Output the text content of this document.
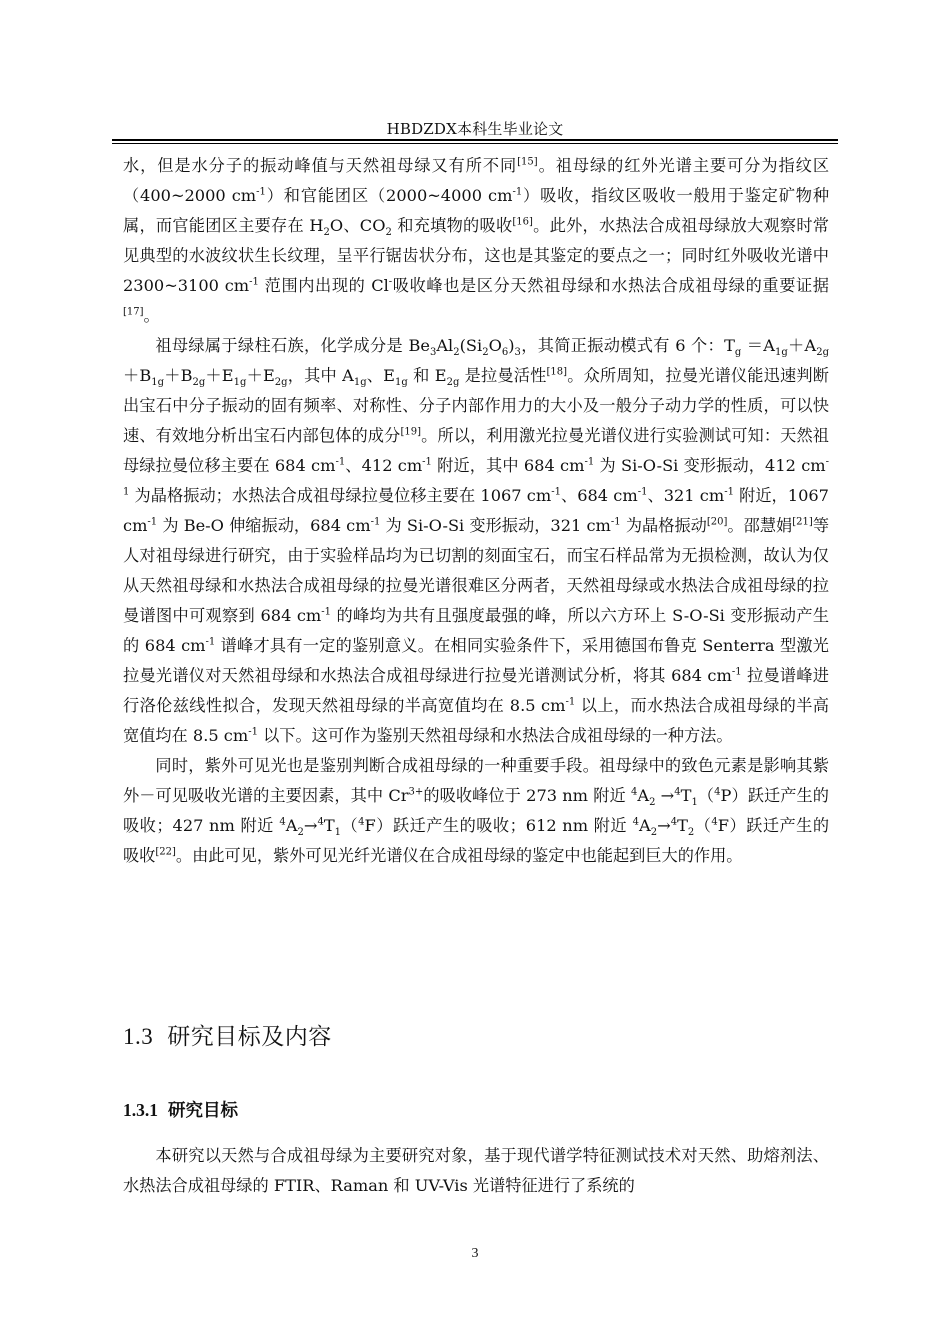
HBDZDX本科生毕业论文

水，但是水分子的振动峰值与天然祖母绿又有所不同[15]。祖母绿的红外光谱主要可分为指纹区（400~2000 $cm^{-1}$）和官能团区（2000~4000 $cm^{-1}$）吸收，指纹区吸收一般用于鉴定矿物种属，而官能团区主要存在 $H_2O$、$CO_2$ 和充填物的吸收[16]。此外，水热法合成祖母绿放大观察时常见典型的水波纹状生长纹理，呈平行锯齿状分布，这也是其鉴定的要点之一；同时红外吸收光谱中 2300~3100 $cm^{-1}$ 范围内出现的 Cl-吸收峰也是区分天然祖母绿和水热法合成祖母绿的重要证据[17]。

祖母绿属于绿柱石族，化学成分是 $Be_3Al_2(Si_2O_6)_3$，其简正振动模式有 6 个：$T_g =A_{1g}+A_{2g}+B_{1g}+B_{2g}+E_{1g}+E_{2g}$，其中 $A_{1g}$、$E_{1g}$ 和 $E_{2g}$ 是拉曼活性[18]。众所周知，拉曼光谱仪能迅速判断出宝石中分子振动的固有频率、对称性、分子内部作用力的大小及一般分子动力学的性质，可以快速、有效地分析出宝石内部包体的成分[19]。所以，利用激光拉曼光谱仪进行实验测试可知：天然祖母绿拉曼位移主要在 684 $cm^{-1}$、412 $cm^{-1}$ 附近，其中 684 $cm^{-1}$ 为 Si-O-Si 变形振动，412 $cm^{-1}$ 为晶格振动；水热法合成祖母绿拉曼位移主要在 1067 $cm^{-1}$、684 $cm^{-1}$、321 $cm^{-1}$ 附近，1067 $cm^{-1}$ 为 Be-O 伸缩振动，684 $cm^{-1}$ 为 Si-O-Si 变形振动，321 $cm^{-1}$ 为晶格振动[20]。邵慧娟[21]等人对祖母绿进行研究，由于实验样品均为已切割的刻面宝石，而宝石样品常为无损检测，故认为仅从天然祖母绿和水热法合成祖母绿的拉曼光谱很难区分两者，天然祖母绿或水热法合成祖母绿的拉曼谱图中可观察到 684 $cm^{-1}$ 的峰均为共有且强度最强的峰，所以六方环上 S-O-Si 变形振动产生的 684 $cm^{-1}$ 谱峰才具有一定的鉴别意义。在相同实验条件下，采用德国布鲁克 Senterra 型激光拉曼光谱仪对天然祖母绿和水热法合成祖母绿进行拉曼光谱测试分析，将其 684 $cm^{-1}$ 拉曼谱峰进行洛伦兹线性拟合，发现天然祖母绿的半高宽值均在 8.5 $cm^{-1}$ 以上，而水热法合成祖母绿的半高宽值均在 8.5 $cm^{-1}$ 以下。这可作为鉴别天然祖母绿和水热法合成祖母绿的一种方法。

同时，紫外可见光也是鉴别判断合成祖母绿的一种重要手段。祖母绿中的致色元素是影响其紫外－可见吸收光谱的主要因素，其中 $Cr^{3+}$的吸收峰位于 273 nm 附近 $^4A_2 \to^4T_1(^4P)$跃迁产生的吸收；427 nm 附近 $^4A_2\to^4T_1(^4F)$跃迁产生的吸收；612 nm 附近 $^4A_2\to^4T_2(^4F)$跃迁产生的吸收[22]。由此可见，紫外可见光纤光谱仪在合成祖母绿的鉴定中也能起到巨大的作用。

1.3 研究目标及内容
1.3.1 研究目标

本研究以天然与合成祖母绿为主要研究对象，基于现代谱学特征测试技术对天然、助熔剂法、水热法合成祖母绿的 FTIR、Raman 和 UV-Vis 光谱特征进行了系统的

3
